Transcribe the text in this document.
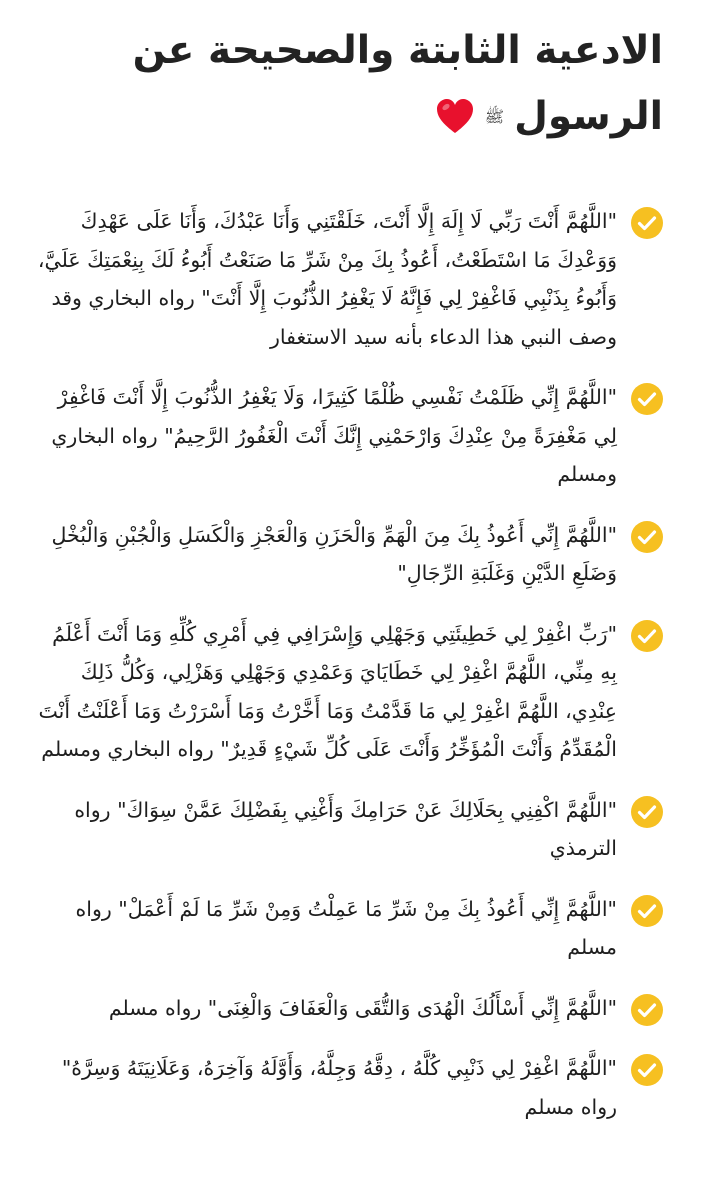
الادعية الثابتة والصحيحة عن
الرسول
ﷺ
"اللَّهُمَّ أَنْتَ رَبِّي لَا إِلَهَ إِلَّا أَنْتَ، خَلَقْتَنِي وَأَنَا عَبْدُكَ، وَأَنَا عَلَى عَهْدِكَ وَوَعْدِكَ مَا اسْتَطَعْتُ، أَعُوذُ بِكَ مِنْ شَرِّ مَا صَنَعْتُ أَبُوءُ لَكَ بِنِعْمَتِكَ عَلَيَّ، وَأَبُوءُ بِذَنْبِي فَاغْفِرْ لِي فَإِنَّهُ لَا يَغْفِرُ الذُّنُوبَ إِلَّا أَنْتَ" رواه البخاري وقد وصف النبي هذا الدعاء بأنه سيد الاستغفار
"اللَّهُمَّ إِنِّي ظَلَمْتُ نَفْسِي ظُلْمًا كَثِيرًا، وَلَا يَغْفِرُ الذُّنُوبَ إِلَّا أَنْتَ فَاغْفِرْ لِي مَغْفِرَةً مِنْ عِنْدِكَ وَارْحَمْنِي إِنَّكَ أَنْتَ الْغَفُورُ الرَّحِيمُ" رواه البخاري ومسلم
"اللَّهُمَّ إِنِّي أَعُوذُ بِكَ مِنَ الْهَمِّ وَالْحَزَنِ وَالْعَجْزِ وَالْكَسَلِ وَالْجُبْنِ وَالْبُخْلِ وَضَلَعِ الدَّيْنِ وَغَلَبَةِ الرِّجَالِ"
"رَبِّ اغْفِرْ لِي خَطِيئَتِي وَجَهْلِي وَإِسْرَافِي فِي أَمْرِي كُلِّهِ وَمَا أَنْتَ أَعْلَمُ بِهِ مِنِّي، اللَّهُمَّ اغْفِرْ لِي خَطَايَايَ وَعَمْدِي وَجَهْلِي وَهَزْلِي، وَكُلُّ ذَلِكَ عِنْدِي، اللَّهُمَّ اغْفِرْ لِي مَا قَدَّمْتُ وَمَا أَخَّرْتُ وَمَا أَسْرَرْتُ وَمَا أَعْلَنْتُ أَنْتَ الْمُقَدِّمُ وَأَنْتَ الْمُؤَخِّرُ وَأَنْتَ عَلَى كُلِّ شَيْءٍ قَدِيرٌ" رواه البخاري ومسلم
"اللَّهُمَّ اكْفِنِي بِحَلَالِكَ عَنْ حَرَامِكَ وَأَغْنِي بِفَضْلِكَ عَمَّنْ سِوَاكَ" رواه الترمذي
"اللَّهُمَّ إِنِّي أَعُوذُ بِكَ مِنْ شَرِّ مَا عَمِلْتُ وَمِنْ شَرِّ مَا لَمْ أَعْمَلْ" رواه مسلم
"اللَّهُمَّ إِنِّي أَسْأَلُكَ الْهُدَى وَالتُّقَى وَالْعَفَافَ وَالْغِنَى" رواه مسلم
"اللَّهُمَّ اغْفِرْ لِي ذَنْبِي كُلَّهُ ، دِقَّهُ وَجِلَّهُ، وَأَوَّلَهُ وَآخِرَهُ، وَعَلَانِيَتَهُ وَسِرَّهُ" رواه مسلم
